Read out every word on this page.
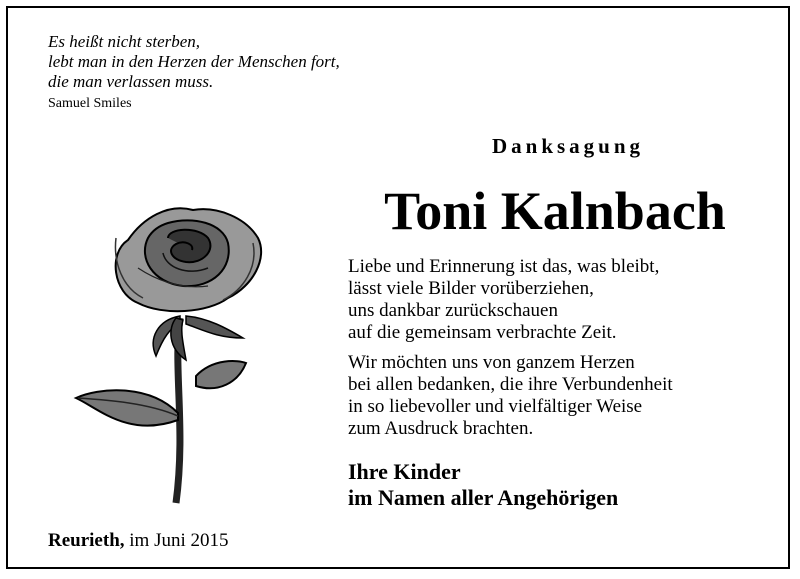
Es heißt nicht sterben,
lebt man in den Herzen der Menschen fort,
die man verlassen muss.
Samuel Smiles
Danksagung
Toni Kalnbach
Liebe und Erinnerung ist das, was bleibt,
lässt viele Bilder vorüberziehen,
uns dankbar zurückschauen
auf die gemeinsam verbrachte Zeit.
Wir möchten uns von ganzem Herzen
bei allen bedanken, die ihre Verbundenheit
in so liebevoller und vielfältiger Weise
zum Ausdruck brachten.
Ihre Kinder
im Namen aller Angehörigen
Reurieth, im Juni 2015
